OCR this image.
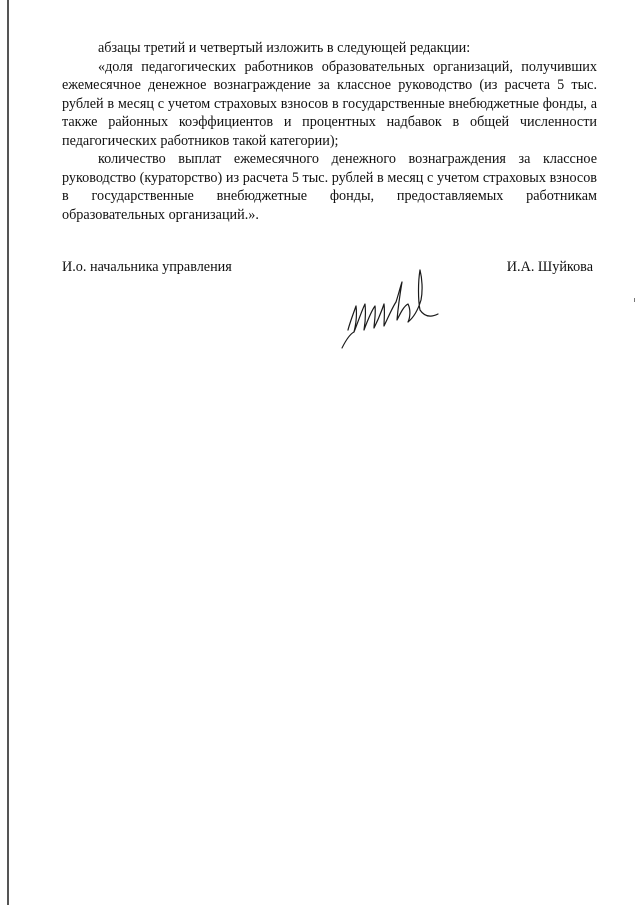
абзацы третий и четвертый изложить в следующей редакции:

«доля педагогических работников образовательных организаций, получивших ежемесячное денежное вознаграждение за классное руководство (из расчета 5 тыс. рублей в месяц с учетом страховых взносов в государственные внебюджетные фонды, а также районных коэффициентов и процентных надбавок в общей численности педагогических работников такой категории);

количество выплат ежемесячного денежного вознаграждения за классное руководство (кураторство) из расчета 5 тыс. рублей в месяц с учетом страховых взносов в государственные внебюджетные фонды, предоставляемых работникам образовательных организаций.».

И.о. начальника управления	И.А. Шуйкова
